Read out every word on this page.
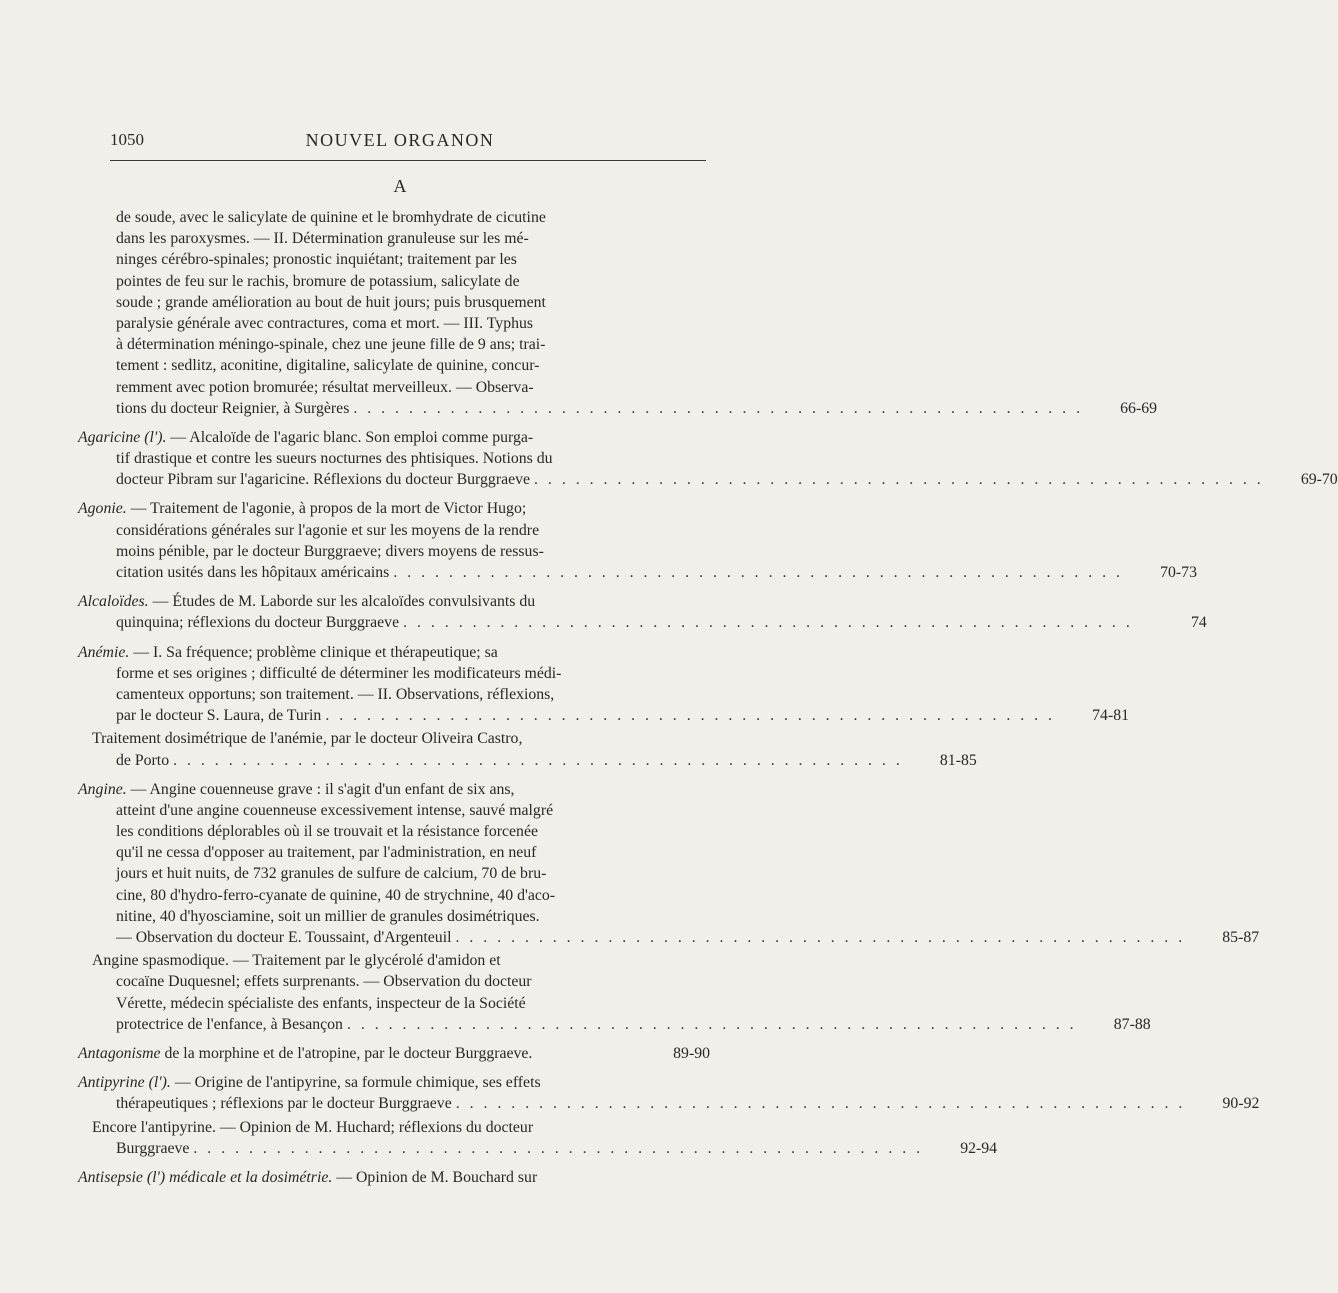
1050	NOUVEL ORGANON
A
de soude, avec le salicylate de quinine et le bromhydrate de cicutine
dans les paroxysmes. — II. Détermination granuleuse sur les mé-
ninges cérébro-spinales; pronostic inquiétant; traitement par les
pointes de feu sur le rachis, bromure de potassium, salicylate de
soude ; grande amélioration au bout de huit jours; puis brusquement
paralysie générale avec contractures, coma et mort. — III. Typhus
à détermination méningo-spinale, chez une jeune fille de 9 ans; trai-
tement : sedlitz, aconitine, digitaline, salicylate de quinine, concur-
remment avec potion bromurée; résultat merveilleux. — Observa-
tions du docteur Reignier, à Surgères . . . . . . . . . . . . . . . . . . . . . . . . . . . . . . . . . . . . . . . . . . . . . . . . . . . . .	66-69
Agaricine (l'). — Alcaloïde de l'agaric blanc. Son emploi comme purga-
tif drastique et contre les sueurs nocturnes des phtisiques. Notions du
docteur Pibram sur l'agaricine. Réflexions du docteur Burggraeve . . . . . . . . . . . . . . . . . . . . . . . . . . . . . . . . . . . . . . . . . . . . . . . . . . . . .	69-70
Agonie. — Traitement de l'agonie, à propos de la mort de Victor Hugo;
considérations générales sur l'agonie et sur les moyens de la rendre
moins pénible, par le docteur Burggraeve; divers moyens de ressus-
citation usités dans les hôpitaux américains . . . . . . . . . . . . . . . . . . . . . . . . . . . . . . . . . . . . . . . . . . . . . . . . . . . . .	70-73
Alcaloïdes. — Études de M. Laborde sur les alcaloïdes convulsivants du
quinquina; réflexions du docteur Burggraeve . . . . . . . . . . . . . . . . . . . . . . . . . . . . . . . . . . . . . . . . . . . . . . . . . . . . .	74
Anémie. — I. Sa fréquence; problème clinique et thérapeutique; sa
forme et ses origines ; difficulté de déterminer les modificateurs médi-
camenteux opportuns; son traitement. — II. Observations, réflexions,
par le docteur S. Laura, de Turin . . . . . . . . . . . . . . . . . . . . . . . . . . . . . . . . . . . . . . . . . . . . . . . . . . . . .	74-81
Traitement dosimétrique de l'anémie, par le docteur Oliveira Castro,
de Porto . . . . . . . . . . . . . . . . . . . . . . . . . . . . . . . . . . . . . . . . . . . . . . . . . . . . .	81-85
Angine. — Angine couenneuse grave : il s'agit d'un enfant de six ans,
atteint d'une angine couenneuse excessivement intense, sauvé malgré
les conditions déplorables où il se trouvait et la résistance forcenée
qu'il ne cessa d'opposer au traitement, par l'administration, en neuf
jours et huit nuits, de 732 granules de sulfure de calcium, 70 de bru-
cine, 80 d'hydro-ferro-cyanate de quinine, 40 de strychnine, 40 d'aco-
nitine, 40 d'hyosciamine, soit un millier de granules dosimétriques.
— Observation du docteur E. Toussaint, d'Argenteuil . . . . . . . . . . . . . . . . . . . . . . . . . . . . . . . . . . . . . . . . . . . . . . . . . . . . .	85-87
Angine spasmodique. — Traitement par le glycérolé d'amidon et
cocaïne Duquesnel; effets surprenants. — Observation du docteur
Vérette, médecin spécialiste des enfants, inspecteur de la Société
protectrice de l'enfance, à Besançon . . . . . . . . . . . . . . . . . . . . . . . . . . . . . . . . . . . . . . . . . . . . . . . . . . . . .	87-88
Antagonisme de la morphine et de l'atropine, par le docteur Burggraeve.	89-90
Antipyrine (l'). — Origine de l'antipyrine, sa formule chimique, ses effets
thérapeutiques ; réflexions par le docteur Burggraeve . . . . . . . . . . . . . . . . . . . . . . . . . . . . . . . . . . . . . . . . . . . . . . . . . . . . .	90-92
Encore l'antipyrine. — Opinion de M. Huchard; réflexions du docteur
Burggraeve . . . . . . . . . . . . . . . . . . . . . . . . . . . . . . . . . . . . . . . . . . . . . . . . . . . . .	92-94
Antisepsie (l') médicale et la dosimétrie. — Opinion de M. Bouchard sur
